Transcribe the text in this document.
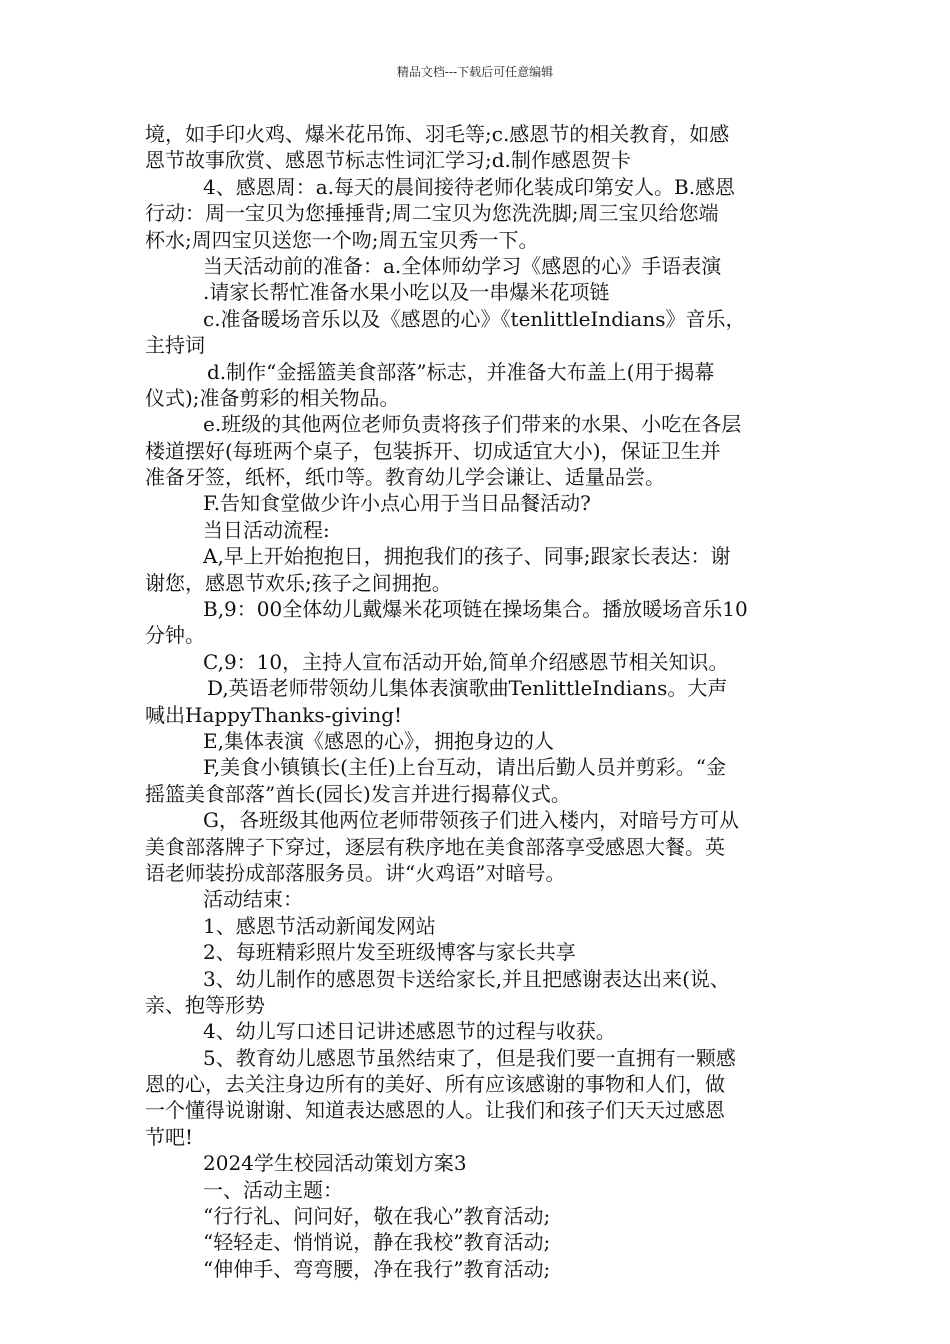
精品文档---下载后可任意编辑
境，如手印火鸡、爆米花吊饰、羽毛等;c.感恩节的相关教育，如感
恩节故事欣赏、感恩节标志性词汇学习;d.制作感恩贺卡
4、感恩周：a.每天的晨间接待老师化装成印第安人。B.感恩
行动：周一宝贝为您捶捶背;周二宝贝为您洗洗脚;周三宝贝给您端
杯水;周四宝贝送您一个吻;周五宝贝秀一下。
当天活动前的准备：a.全体师幼学习《感恩的心》手语表演
.请家长帮忙准备水果小吃以及一串爆米花项链
c.准备暖场音乐以及《感恩的心》《tenlittleIndians》音乐，
主持词
d.制作“金摇篮美食部落”标志，并准备大布盖上(用于揭幕
仪式);准备剪彩的相关物品。
e.班级的其他两位老师负责将孩子们带来的水果、小吃在各层
楼道摆好(每班两个桌子，包装拆开、切成适宜大小)，保证卫生并
准备牙签，纸杯，纸巾等。教育幼儿学会谦让、适量品尝。
F.告知食堂做少许小点心用于当日品餐活动?
当日活动流程:
A,早上开始抱抱日，拥抱我们的孩子、同事;跟家长表达：谢
谢您，感恩节欢乐;孩子之间拥抱。
B,9：00全体幼儿戴爆米花项链在操场集合。播放暖场音乐10
分钟。
C,9：10，主持人宣布活动开始,简单介绍感恩节相关知识。
D,英语老师带领幼儿集体表演歌曲TenlittleIndians。大声
喊出HappyThanks-giving!
E,集体表演《感恩的心》，拥抱身边的人
F,美食小镇镇长(主任)上台互动，请出后勤人员并剪彩。“金
摇篮美食部落”酋长(园长)发言并进行揭幕仪式。
G，各班级其他两位老师带领孩子们进入楼内，对暗号方可从
美食部落牌子下穿过，逐层有秩序地在美食部落享受感恩大餐。英
语老师装扮成部落服务员。讲“火鸡语”对暗号。
活动结束：
1、感恩节活动新闻发网站
2、每班精彩照片发至班级博客与家长共享
3、幼儿制作的感恩贺卡送给家长,并且把感谢表达出来(说、
亲、抱等形势
4、幼儿写口述日记讲述感恩节的过程与收获。
5、教育幼儿感恩节虽然结束了，但是我们要一直拥有一颗感
恩的心，去关注身边所有的美好、所有应该感谢的事物和人们，做
一个懂得说谢谢、知道表达感恩的人。让我们和孩子们天天过感恩
节吧!
2024学生校园活动策划方案3
一、活动主题：
“行行礼、问问好，敬在我心”教育活动;
“轻轻走、悄悄说，静在我校”教育活动;
“伸伸手、弯弯腰，净在我行”教育活动;
